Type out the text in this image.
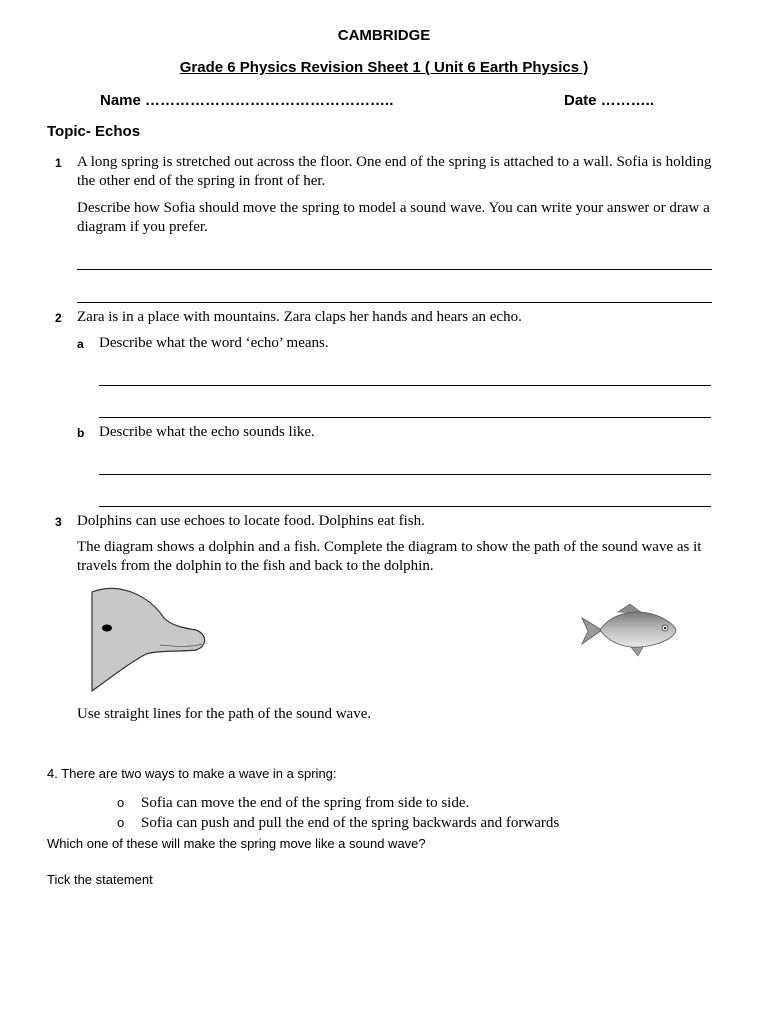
CAMBRIDGE
Grade 6 Physics Revision Sheet 1 ( Unit 6 Earth Physics )
Name …………………………………………..	Date ………..
Topic- Echos
1 A long spring is stretched out across the floor. One end of the spring is attached to a wall. Sofia is holding the other end of the spring in front of her.
Describe how Sofia should move the spring to model a sound wave. You can write your answer or draw a diagram if you prefer.
2 Zara is in a place with mountains. Zara claps her hands and hears an echo.
a Describe what the word ‘echo’ means.
b Describe what the echo sounds like.
3 Dolphins can use echoes to locate food. Dolphins eat fish.
The diagram shows a dolphin and a fish. Complete the diagram to show the path of the sound wave as it travels from the dolphin to the fish and back to the dolphin.
Use straight lines for the path of the sound wave.
4. There are two ways to make a wave in a spring:
o Sofia can move the end of the spring from side to side.
o Sofia can push and pull the end of the spring backwards and forwards
Which one of these will make the spring move like a sound wave?
Tick the statement
